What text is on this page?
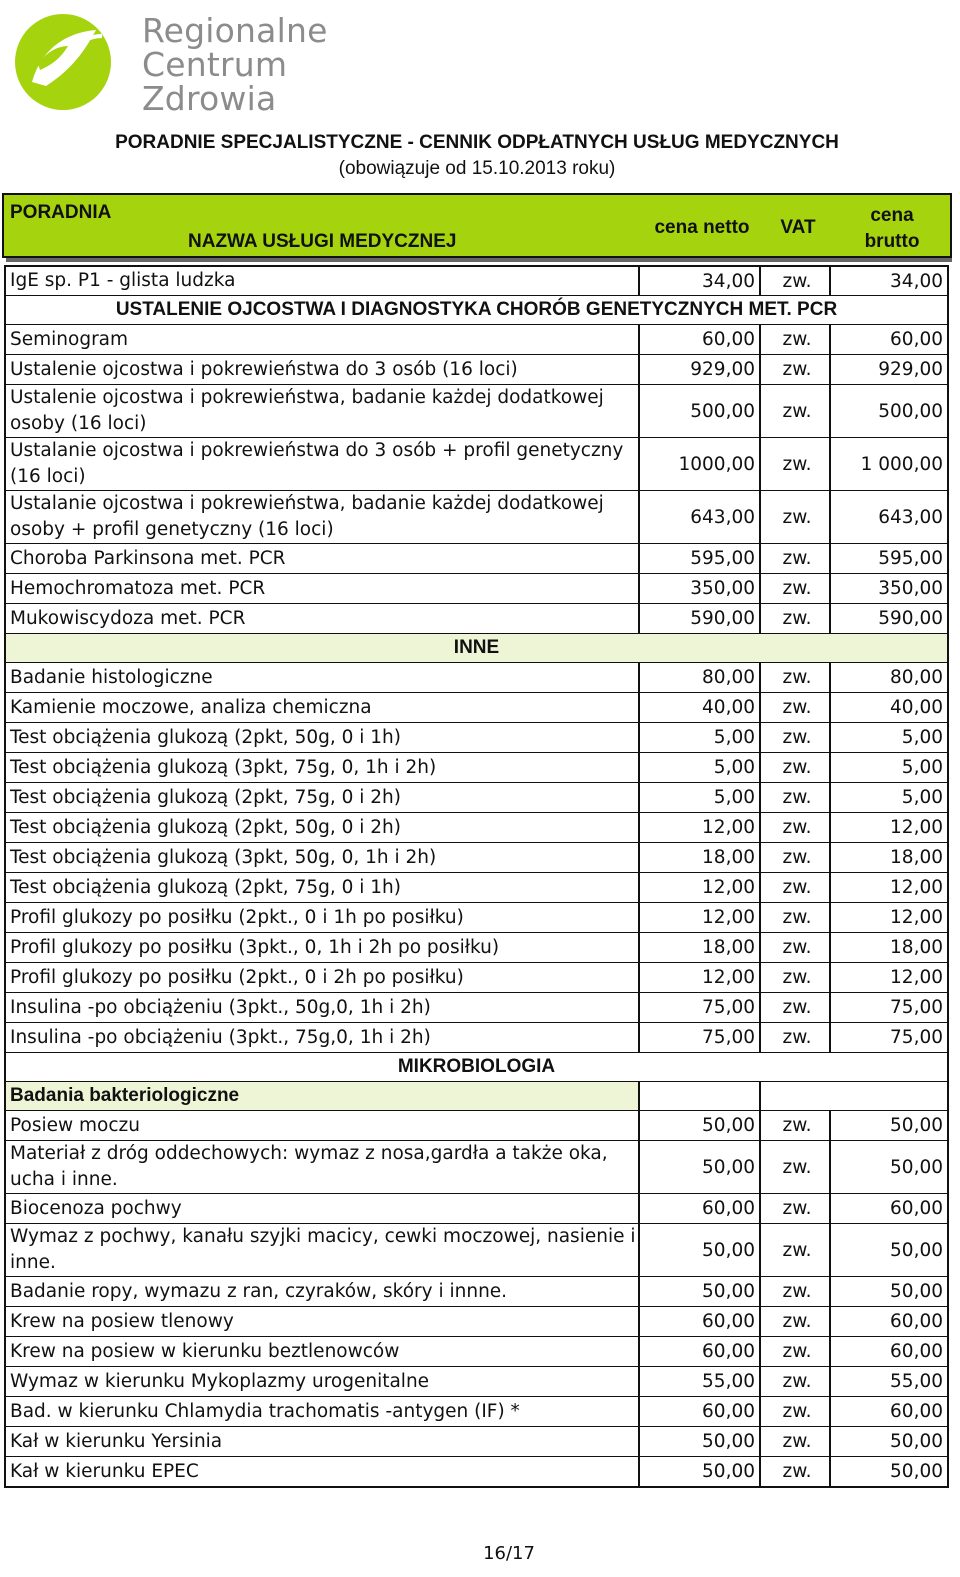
Regionalne
Centrum
Zdrowia
PORADNIE SPECJALISTYCZNE - CENNIK ODPŁATNYCH USŁUG MEDYCZNYCH
(obowiązuje od 15.10.2013 roku)
PORADNIA
NAZWA USŁUGI MEDYCZNEJ
cena netto	VAT
cena
brutto
IgE sp. P1 - glista ludzka	34,00	zw.	34,00
USTALENIE OJCOSTWA I DIAGNOSTYKA CHORÓB GENETYCZNYCH MET. PCR
Seminogram	60,00	zw.	60,00
Ustalenie ojcostwa i pokrewieństwa do 3 osób (16 loci)	929,00	zw.	929,00
Ustalenie ojcostwa i pokrewieństwa, badanie każdej dodatkowej osoby (16 loci)
500,00	zw.	500,00
Ustalanie ojcostwa i pokrewieństwa do 3 osób + profil genetyczny (16 loci)
1000,00	zw.	1 000,00
Ustalanie ojcostwa i pokrewieństwa, badanie każdej dodatkowej osoby + profil genetyczny (16 loci)
643,00	zw.	643,00
Choroba Parkinsona met. PCR	595,00	zw.	595,00
Hemochromatoza met. PCR	350,00	zw.	350,00
Mukowiscydoza met. PCR	590,00	zw.	590,00
INNE
Badanie histologiczne	80,00	zw.	80,00
Kamienie moczowe, analiza chemiczna	40,00	zw.	40,00
Test obciążenia glukozą (2pkt, 50g, 0 i 1h)	5,00	zw.	5,00
Test obciążenia glukozą (3pkt, 75g, 0, 1h i 2h)	5,00	zw.	5,00
Test obciążenia glukozą (2pkt, 75g, 0 i 2h)	5,00	zw.	5,00
Test obciążenia glukozą (2pkt, 50g, 0 i 2h)	12,00	zw.	12,00
Test obciążenia glukozą (3pkt, 50g, 0, 1h i 2h)	18,00	zw.	18,00
Test obciążenia glukozą (2pkt, 75g, 0 i 1h)	12,00	zw.	12,00
Profil glukozy po posiłku (2pkt., 0 i 1h po posiłku)	12,00	zw.	12,00
Profil glukozy po posiłku (3pkt., 0, 1h i 2h po posiłku)	18,00	zw.	18,00
Profil glukozy po posiłku (2pkt., 0 i 2h po posiłku)	12,00	zw.	12,00
Insulina -po obciążeniu (3pkt., 50g,0, 1h i 2h)	75,00	zw.	75,00
Insulina -po obciążeniu (3pkt., 75g,0, 1h i 2h)	75,00	zw.	75,00
MIKROBIOLOGIA
Badania bakteriologiczne
Posiew moczu	50,00	zw.	50,00
Materiał z dróg oddechowych: wymaz z nosa,gardła a także oka, ucha i inne.
50,00	zw.	50,00
Biocenoza pochwy	60,00	zw.	60,00
Wymaz z pochwy, kanału szyjki macicy, cewki moczowej, nasienie i inne.
50,00	zw.	50,00
Badanie ropy, wymazu z ran, czyraków, skóry i innne.	50,00	zw.	50,00
Krew na posiew tlenowy	60,00	zw.	60,00
Krew na posiew w kierunku beztlenowców	60,00	zw.	60,00
Wymaz w kierunku Mykoplazmy urogenitalne	55,00	zw.	55,00
Bad. w kierunku Chlamydia trachomatis -antygen (IF) *	60,00	zw.	60,00
Kał w kierunku Yersinia	50,00	zw.	50,00
Kał w kierunku EPEC	50,00	zw.	50,00
16/17
